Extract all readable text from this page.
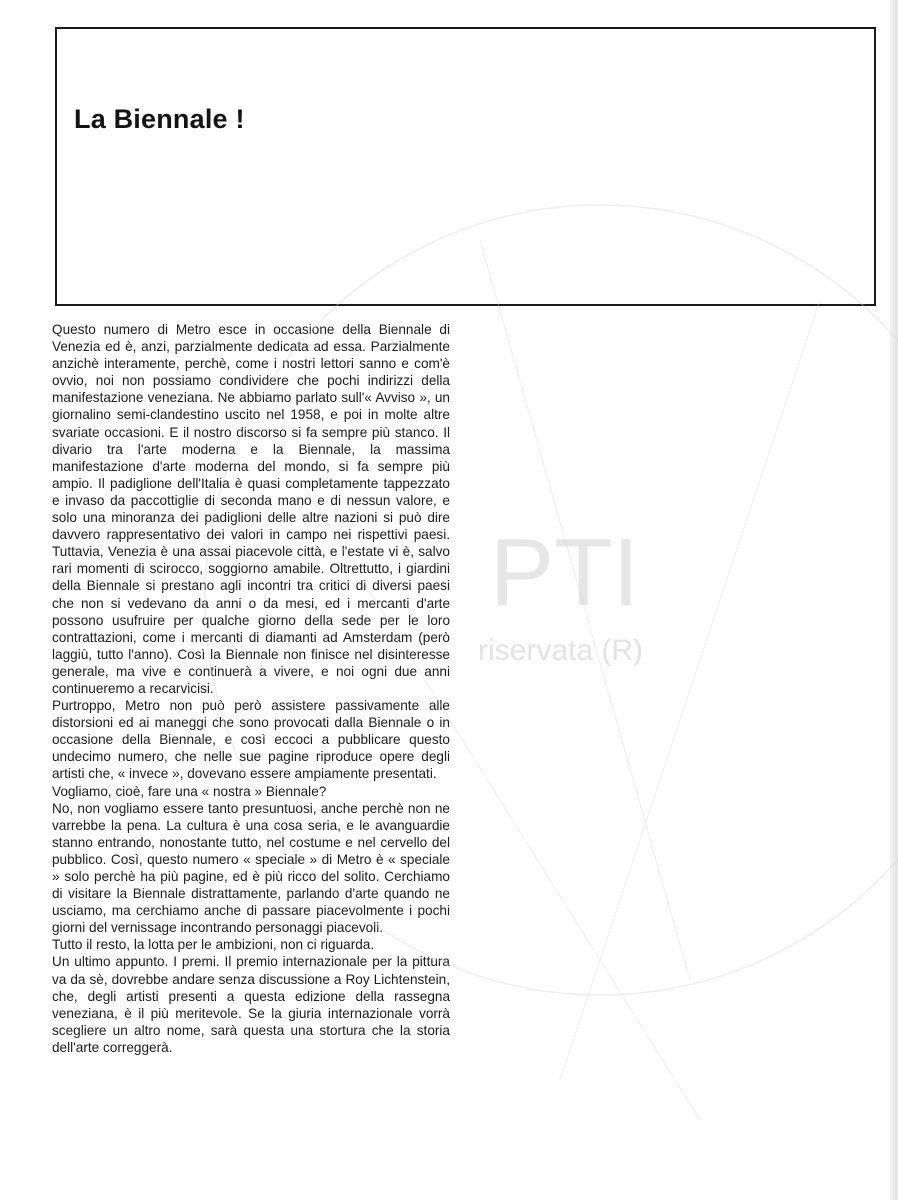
La Biennale !

Questo numero di Metro esce in occasione della Biennale di Venezia ed è, anzi, parzialmente dedicata ad essa. Parzialmente anzichè interamente, perchè, come i nostri lettori sanno e com'è ovvio, noi non possiamo condividere che pochi indirizzi della manifestazione veneziana. Ne abbiamo parlato sull'« Avviso », un giornalino semi-clandestino uscito nel 1958, e poi in molte altre svariate occasioni. E il nostro discorso si fa sempre più stanco. Il divario tra l'arte moderna e la Biennale, la massima manifestazione d'arte moderna del mondo, si fa sempre più ampio. Il padiglione dell'Italia è quasi completamente tappezzato e invaso da paccottiglie di seconda mano e di nessun valore, e solo una minoranza dei padiglioni delle altre nazioni si può dire davvero rappresentativo dei valori in campo nei rispettivi paesi. Tuttavia, Venezia è una assai piacevole città, e l'estate vi è, salvo rari momenti di scirocco, soggiorno amabile. Oltrettutto, i giardini della Biennale si prestano agli incontri tra critici di diversi paesi che non si vedevano da anni o da mesi, ed i mercanti d'arte possono usufruire per qualche giorno della sede per le loro contrattazioni, come i mercanti di diamanti ad Amsterdam (però laggiù, tutto l'anno). Così la Biennale non finisce nel disinteresse generale, ma vive e continuerà a vivere, e noi ogni due anni continueremo a recarvicisi.

Purtroppo, Metro non può però assistere passivamente alle distorsioni ed ai maneggi che sono provocati dalla Biennale o in occasione della Biennale, e così eccoci a pubblicare questo undecimo numero, che nelle sue pagine riproduce opere degli artisti che, « invece », dovevano essere ampiamente presentati.

Vogliamo, cioè, fare una « nostra » Biennale?

No, non vogliamo essere tanto presuntuosi, anche perchè non ne varrebbe la pena. La cultura è una cosa seria, e le avanguardie stanno entrando, nonostante tutto, nel costume e nel cervello del pubblico. Così, questo numero « speciale » di Metro è « speciale » solo perchè ha più pagine, ed è più ricco del solito. Cerchiamo di visitare la Biennale distrattamente, parlando d'arte quando ne usciamo, ma cerchiamo anche di passare piacevolmente i pochi giorni del vernissage incontrando personaggi piacevoli.

Tutto il resto, la lotta per le ambizioni, non ci riguarda.

Un ultimo appunto. I premi. Il premio internazionale per la pittura va da sè, dovrebbe andare senza discussione a Roy Lichtenstein, che, degli artisti presenti a questa edizione della rassegna veneziana, è il più meritevole. Se la giuria internazionale vorrà scegliere un altro nome, sarà questa una stortura che la storia dell'arte correggerà.

PTI
riservata (R)
